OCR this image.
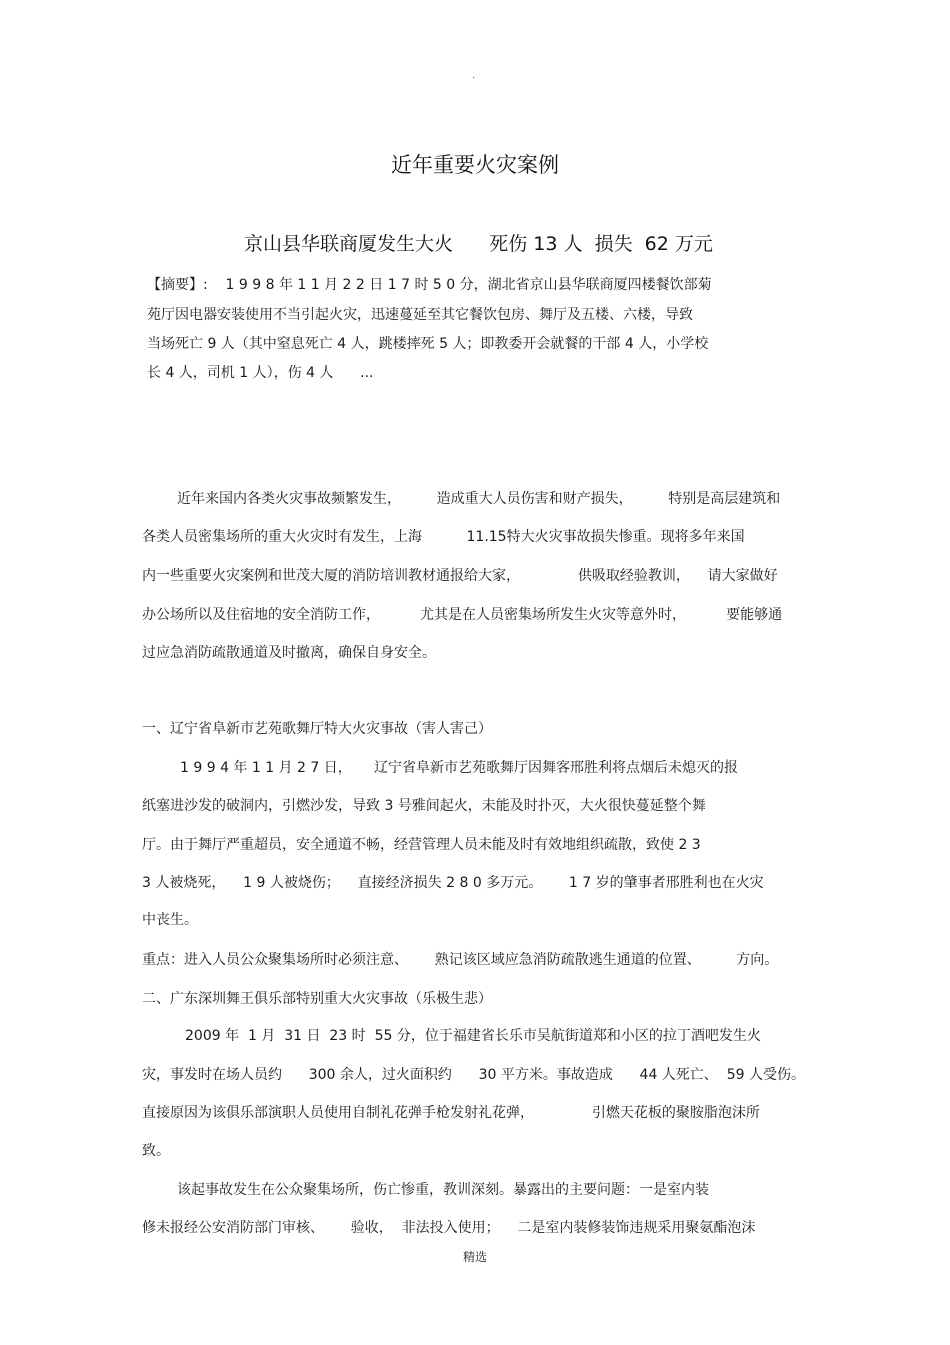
.
近年重要火灾案例
京山县华联商厦发生大火      死伤 13 人  损失  62 万元
【摘要】:    1 9 9 8 年 1 1 月 2 2 日 1 7 时 5 0 分，湖北省京山县华联商厦四楼餐饮部菊
苑厅因电器安装使用不当引起火灾，迅速蔓延至其它餐饮包房、舞厅及五楼、六楼，导致
当场死亡 9 人（其中窒息死亡 4 人，跳楼摔死 5 人；即教委开会就餐的干部 4 人，小学校
长 4 人，司机 1 人），伤 4 人      ...
近年来国内各类火灾事故频繁发生，        造成重大人员伤害和财产损失，        特别是高层建筑和
各类人员密集场所的重大火灾时有发生，上海          11.15特大火灾事故损失惨重。现将多年来国
内一些重要火灾案例和世茂大厦的消防培训教材通报给大家，             供吸取经验教训，    请大家做好
办公场所以及住宿地的安全消防工作，         尤其是在人员密集场所发生火灾等意外时，         要能够通
过应急消防疏散通道及时撤离，确保自身安全。
一、辽宁省阜新市艺苑歌舞厅特大火灾事故（害人害己）
1 9 9 4 年 1 1 月 2 7 日，     辽宁省阜新市艺苑歌舞厅因舞客邢胜利将点烟后未熄灭的报
纸塞进沙发的破洞内，引燃沙发，导致 3 号雅间起火，未能及时扑灭，大火很快蔓延整个舞
厅。由于舞厅严重超员，安全通道不畅，经营管理人员未能及时有效地组织疏散，致使 2 3
3 人被烧死，    1 9 人被烧伤；    直接经济损失 2 8 0 多万元。      1 7 岁的肇事者邢胜利也在火灾
中丧生。
重点：进入人员公众聚集场所时必须注意、      熟记该区域应急消防疏散逃生通道的位置、        方向。
二、广东深圳舞王俱乐部特别重大火灾事故（乐极生悲）
2009 年  1 月  31 日  23 时  55 分，位于福建省长乐市吴航街道郑和小区的拉丁酒吧发生火
灾，事发时在场人员约      300 余人，过火面积约      30 平方米。事故造成      44 人死亡、  59 人受伤。
直接原因为该俱乐部演职人员使用自制礼花弹手枪发射礼花弹，             引燃天花板的聚胺脂泡沫所
致。
该起事故发生在公众聚集场所，伤亡惨重，教训深刻。暴露出的主要问题：一是室内装
修未报经公安消防部门审核、      验收，  非法投入使用；    二是室内装修装饰违规采用聚氨酯泡沫
精选
